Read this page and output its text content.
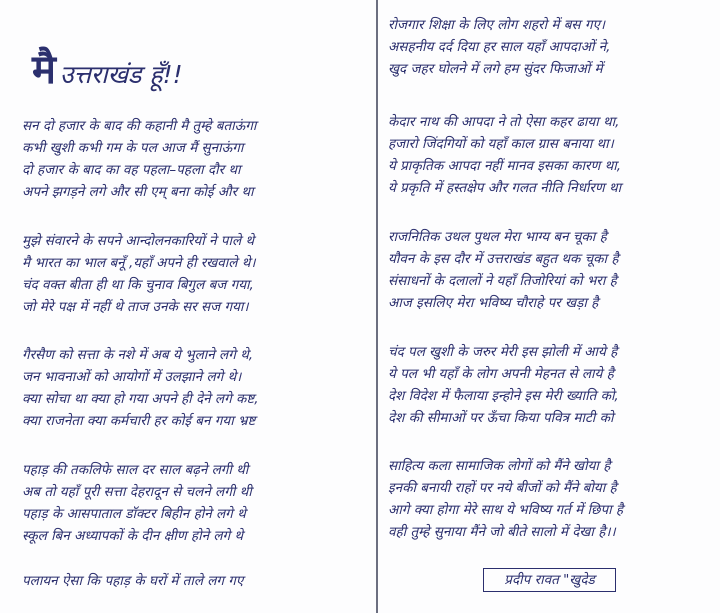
मैउत्तराखंड हूँ!!
सन दो हजार के बाद की कहानी मै तुम्हे बताऊंगा
कभी खुशी कभी गम के पल आज मैं सुनाऊंगा
दो हजार के बाद का वह पहला–पहला दौर था
अपने झगड़ने लगे और सी एम् बना कोई और था
मुझे संवारने के सपने आन्दोलनकारियों ने पाले थे
मै भारत का भाल बनूँ ,यहाँ अपने ही रखवाले थे।
चंद वक्त बीता ही था कि चुनाव बिगुल बज गया,
जो मेरे पक्ष में नहीं थे ताज उनके सर सज गया।
गैरसैण को सत्ता के नशे में अब ये भुलाने लगे थे,
जन भावनाओं को आयोगों में उलझाने लगे थे।
क्या सोचा था क्या हो गया अपने ही देने लगे कष्ट,
क्या राजनेता क्या कर्मचारी हर कोई बन गया भ्रष्ट
पहाड़ की तकलिफे साल दर साल बढ़ने लगी थी
अब तो यहाँ पूरी सत्ता देहरादून से चलने लगी थी
पहाड़ के आसपाताल डॉक्टर बिहीन होने लगे थे
स्कूल बिन अध्यापकों के दीन क्षीण होने लगे थे
पलायन ऐसा कि पहाड़ के घरों में ताले लग गए
रोजगार शिक्षा के लिए लोग शहरो में बस गए।
असहनीय दर्द दिया हर साल यहाँ आपदाओं ने,
खुद जहर घोलने में लगे हम सुंदर फिजाओं में
केदार नाथ की आपदा ने तो ऐसा कहर ढाया था,
हजारो जिंदगियों को यहाँ काल ग्रास बनाया था।
ये प्राकृतिक आपदा नहीं मानव इसका कारण था,
ये प्रकृति में हस्तक्षेप और गलत नीति निर्धारण था
राजनितिक उथल पुथल मेरा भाग्य बन चूका है
यौवन के इस दौर में उत्तराखंड बहुत थक चूका है
संसाधनों के दलालों ने यहाँ तिजोरियां को भरा है
आज इसलिए मेरा भविष्य चौराहे पर खड़ा है
चंद पल खुशी के जरुर मेरी इस झोली में आये है
ये पल भी यहाँ के लोग अपनी मेहनत से लाये है
देश विदेश में फैलाया इन्होने इस मेरी ख्याति को,
देश की सीमाओं पर ऊँचा किया पवित्र माटी को
साहित्य कला सामाजिक लोगों को मैंने खोया है
इनकी बनायी राहों पर नये बीजों को मैंने बोया है
आगे क्या होगा मेरे साथ ये भविष्य गर्त में छिपा है
वही तुम्हे सुनाया मैंने जो बीते सालो में देखा है।।
प्रदीप रावत "खुदेड
